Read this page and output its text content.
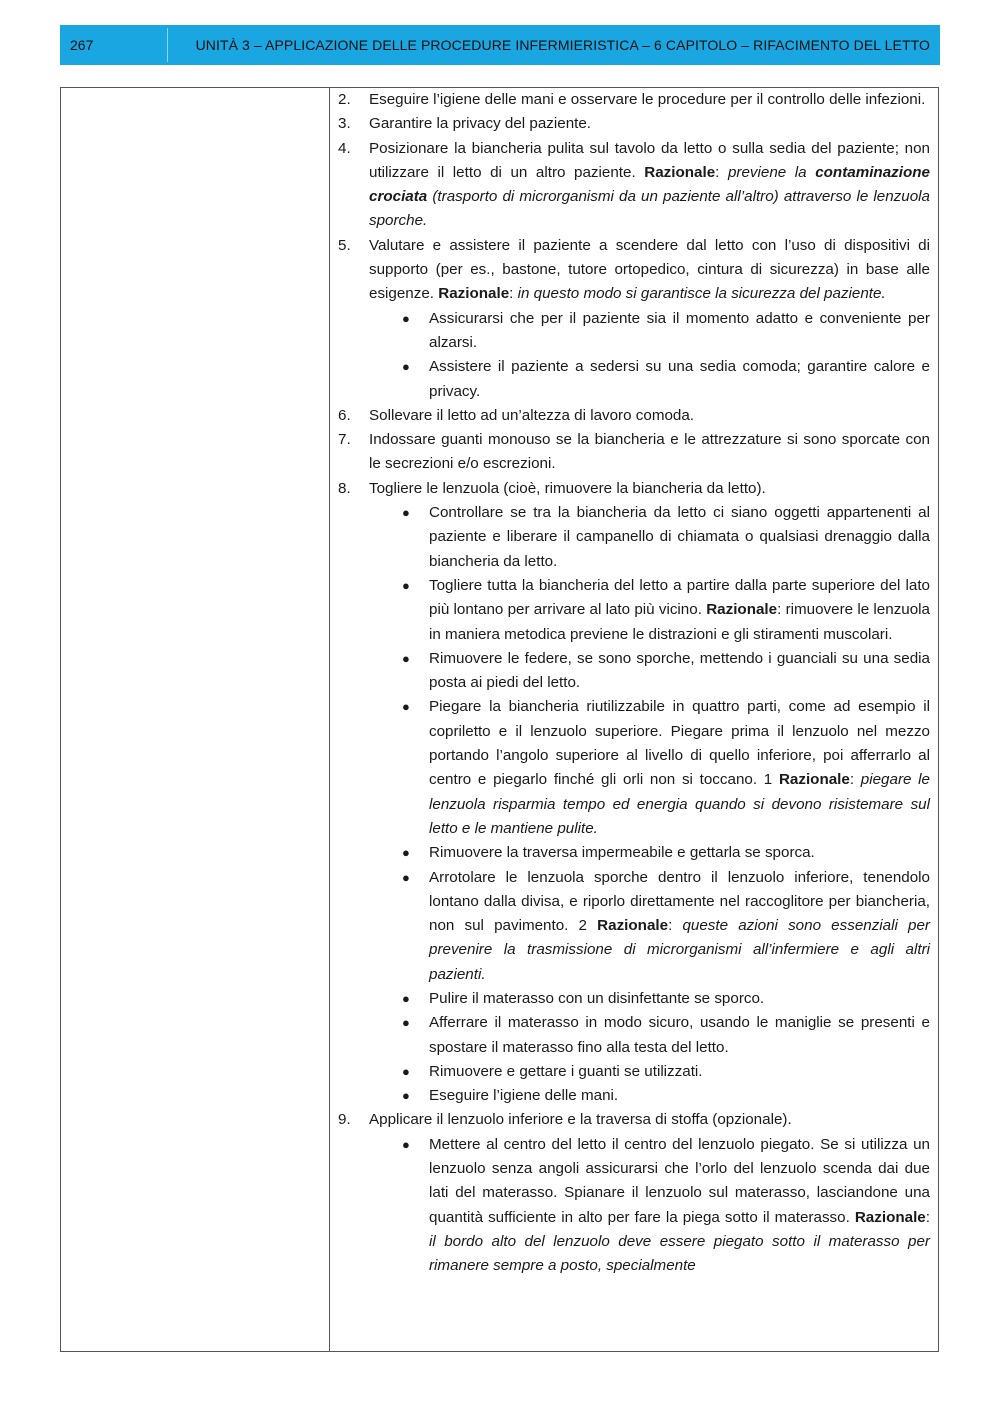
267	UNITÀ 3 – APPLICAZIONE DELLE PROCEDURE INFERMIERISTICA – 6 CAPITOLO – RIFACIMENTO DEL LETTO
2. Eseguire l’igiene delle mani e osservare le procedure per il controllo delle infezioni.
3. Garantire la privacy del paziente.
4. Posizionare la biancheria pulita sul tavolo da letto o sulla sedia del paziente; non utilizzare il letto di un altro paziente. Razionale: previene la contaminazione crociata (trasporto di microrganismi da un paziente all’altro) attraverso le lenzuola sporche.
5. Valutare e assistere il paziente a scendere dal letto con l’uso di dispositivi di supporto (per es., bastone, tutore ortopedico, cintura di sicurezza) in base alle esigenze. Razionale: in questo modo si garantisce la sicurezza del paziente.
● Assicurarsi che per il paziente sia il momento adatto e conveniente per alzarsi.
● Assistere il paziente a sedersi su una sedia comoda; garantire calore e privacy.
6. Sollevare il letto ad un’altezza di lavoro comoda.
7. Indossare guanti monouso se la biancheria e le attrezzature si sono sporcate con le secrezioni e/o escrezioni.
8. Togliere le lenzuola (cioè, rimuovere la biancheria da letto).
● Controllare se tra la biancheria da letto ci siano oggetti appartenenti al paziente e liberare il campanello di chiamata o qualsiasi drenaggio dalla biancheria da letto.
● Togliere tutta la biancheria del letto a partire dalla parte superiore del lato più lontano per arrivare al lato più vicino. Razionale: rimuovere le lenzuola in maniera metodica previene le distrazioni e gli stiramenti muscolari.
● Rimuovere le federe, se sono sporche, mettendo i guanciali su una sedia posta ai piedi del letto.
● Piegare la biancheria riutilizzabile in quattro parti, come ad esempio il copriletto e il lenzuolo superiore. Piegare prima il lenzuolo nel mezzo portando l’angolo superiore al livello di quello inferiore, poi afferrarlo al centro e piegarlo finché gli orli non si toccano. 1 Razionale: piegare le lenzuola risparmia tempo ed energia quando si devono risistemare sul letto e le mantiene pulite.
● Rimuovere la traversa impermeabile e gettarla se sporca.
● Arrotolare le lenzuola sporche dentro il lenzuolo inferiore, tenendolo lontano dalla divisa, e riporlo direttamente nel raccoglitore per biancheria, non sul pavimento. 2 Razionale: queste azioni sono essenziali per prevenire la trasmissione di microrganismi all’infermiere e agli altri pazienti.
● Pulire il materasso con un disinfettante se sporco.
● Afferrare il materasso in modo sicuro, usando le maniglie se presenti e spostare il materasso fino alla testa del letto.
● Rimuovere e gettare i guanti se utilizzati.
● Eseguire l’igiene delle mani.
9. Applicare il lenzuolo inferiore e la traversa di stoffa (opzionale).
● Mettere al centro del letto il centro del lenzuolo piegato. Se si utilizza un lenzuolo senza angoli assicurarsi che l’orlo del lenzuolo scenda dai due lati del materasso. Spianare il lenzuolo sul materasso, lasciandone una quantità sufficiente in alto per fare la piega sotto il materasso. Razionale: il bordo alto del lenzuolo deve essere piegato sotto il materasso per rimanere sempre a posto, specialmente
